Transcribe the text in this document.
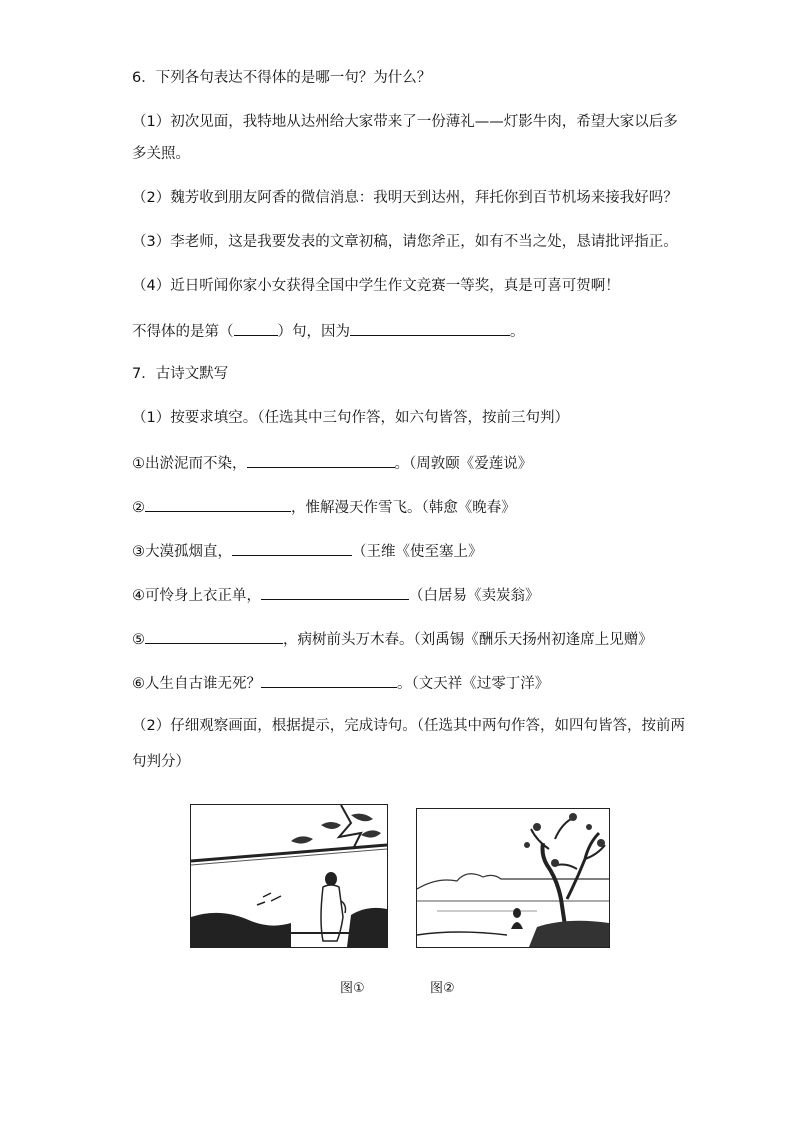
6．下列各句表达不得体的是哪一句？为什么？
（1）初次见面，我特地从达州给大家带来了一份薄礼——灯影牛肉，希望大家以后多
多关照。
（2）魏芳收到朋友阿香的微信消息：我明天到达州，拜托你到百节机场来接我好吗？
（3）李老师，这是我要发表的文章初稿，请您斧正，如有不当之处，恳请批评指正。
（4）近日听闻你家小女获得全国中学生作文竞赛一等奖，真是可喜可贺啊！
不得体的是第（	）句，因为	。
7．古诗文默写
（1）按要求填空。（任选其中三句作答，如六句皆答，按前三句判）
①出淤泥而不染，	。（周敦颐《爱莲说》
②	，惟解漫天作雪飞。（韩愈《晚春》
③大漠孤烟直，	（王维《使至塞上》
④可怜身上衣正单，	（白居易《卖炭翁》
⑤	，病树前头万木春。（刘禹锡《酬乐天扬州初逢席上见赠》
⑥人生自古谁无死？	。（文天祥《过零丁洋》
（2）仔细观察画面，根据提示，完成诗句。（任选其中两句作答，如四句皆答，按前两
句判分）
图①	图②
